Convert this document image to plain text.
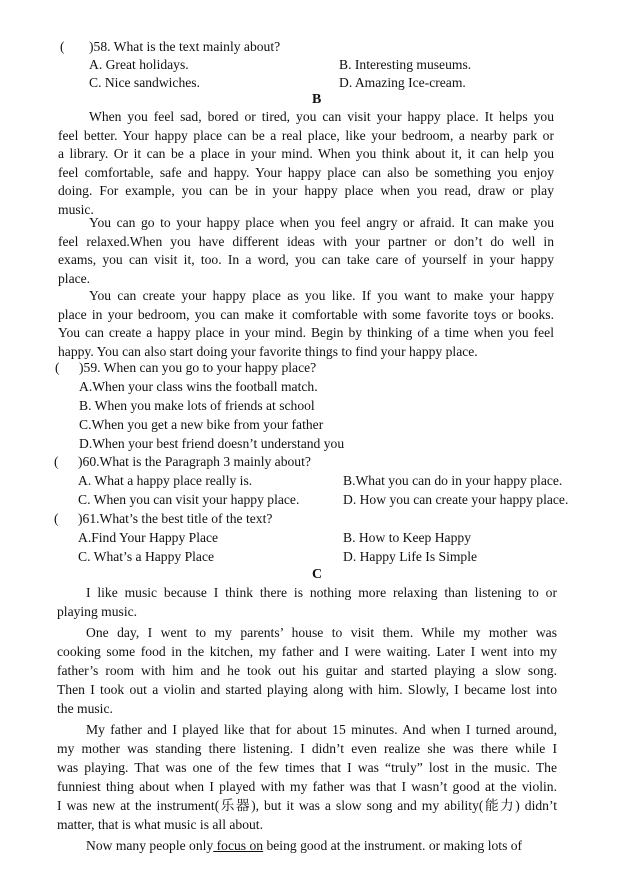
( )58. What is the text mainly about?
A. Great holidays.	B. Interesting museums.
C. Nice sandwiches.	D. Amazing Ice-cream.
B
When you feel sad, bored or tired, you can visit your happy place. It helps you
feel better. Your happy place can be a real place, like your bedroom, a nearby park or
a library. Or it can be a place in your mind. When you think about it, it can help you
feel comfortable, safe and happy. Your happy place can also be something you enjoy
doing. For example, you can be in your happy place when you read, draw or play
music.
You can go to your happy place when you feel angry or afraid. It can make you
feel relaxed.When you have different ideas with your partner or don’t do well in
exams, you can visit it, too. In a word, you can take care of yourself in your happy
place.
You can create your happy place as you like. If you want to make your happy
place in your bedroom, you can make it comfortable with some favorite toys or books.
You can create a happy place in your mind. Begin by thinking of a time when you feel
happy. You can also start doing your favorite things to find your happy place.
( )59. When can you go to your happy place?
A.When your class wins the football match.
B. When you make lots of friends at school
C.When you get a new bike from your father
D.When your best friend doesn’t understand you
( )60.What is the Paragraph 3 mainly about?
A. What a happy place really is.	B.What you can do in your happy place.
C. When you can visit your happy place.	D. How you can create your happy place.
( )61.What’s the best title of the text?
A.Find Your Happy Place	B. How to Keep Happy
C. What’s a Happy Place	D. Happy Life Is Simple
C
I like music because I think there is nothing more relaxing than listening to or
playing music.
One day, I went to my parents’ house to visit them. While my mother was
cooking some food in the kitchen, my father and I were waiting. Later I went into my
father’s room with him and he took out his guitar and started playing a slow song.
Then I took out a violin and started playing along with him. Slowly, I became lost into
the music.
My father and I played like that for about 15 minutes. And when I turned around,
my mother was standing there listening. I didn’t even realize she was there while I
was playing. That was one of the few times that I was “truly” lost in the music. The
funniest thing about when I played with my father was that I wasn’t good at the violin.
I was new at the instrument(乐器), but it was a slow song and my ability(能力) didn’t
matter, that is what music is all about.
Now many people only focus on being good at the instrument. or making lots of
